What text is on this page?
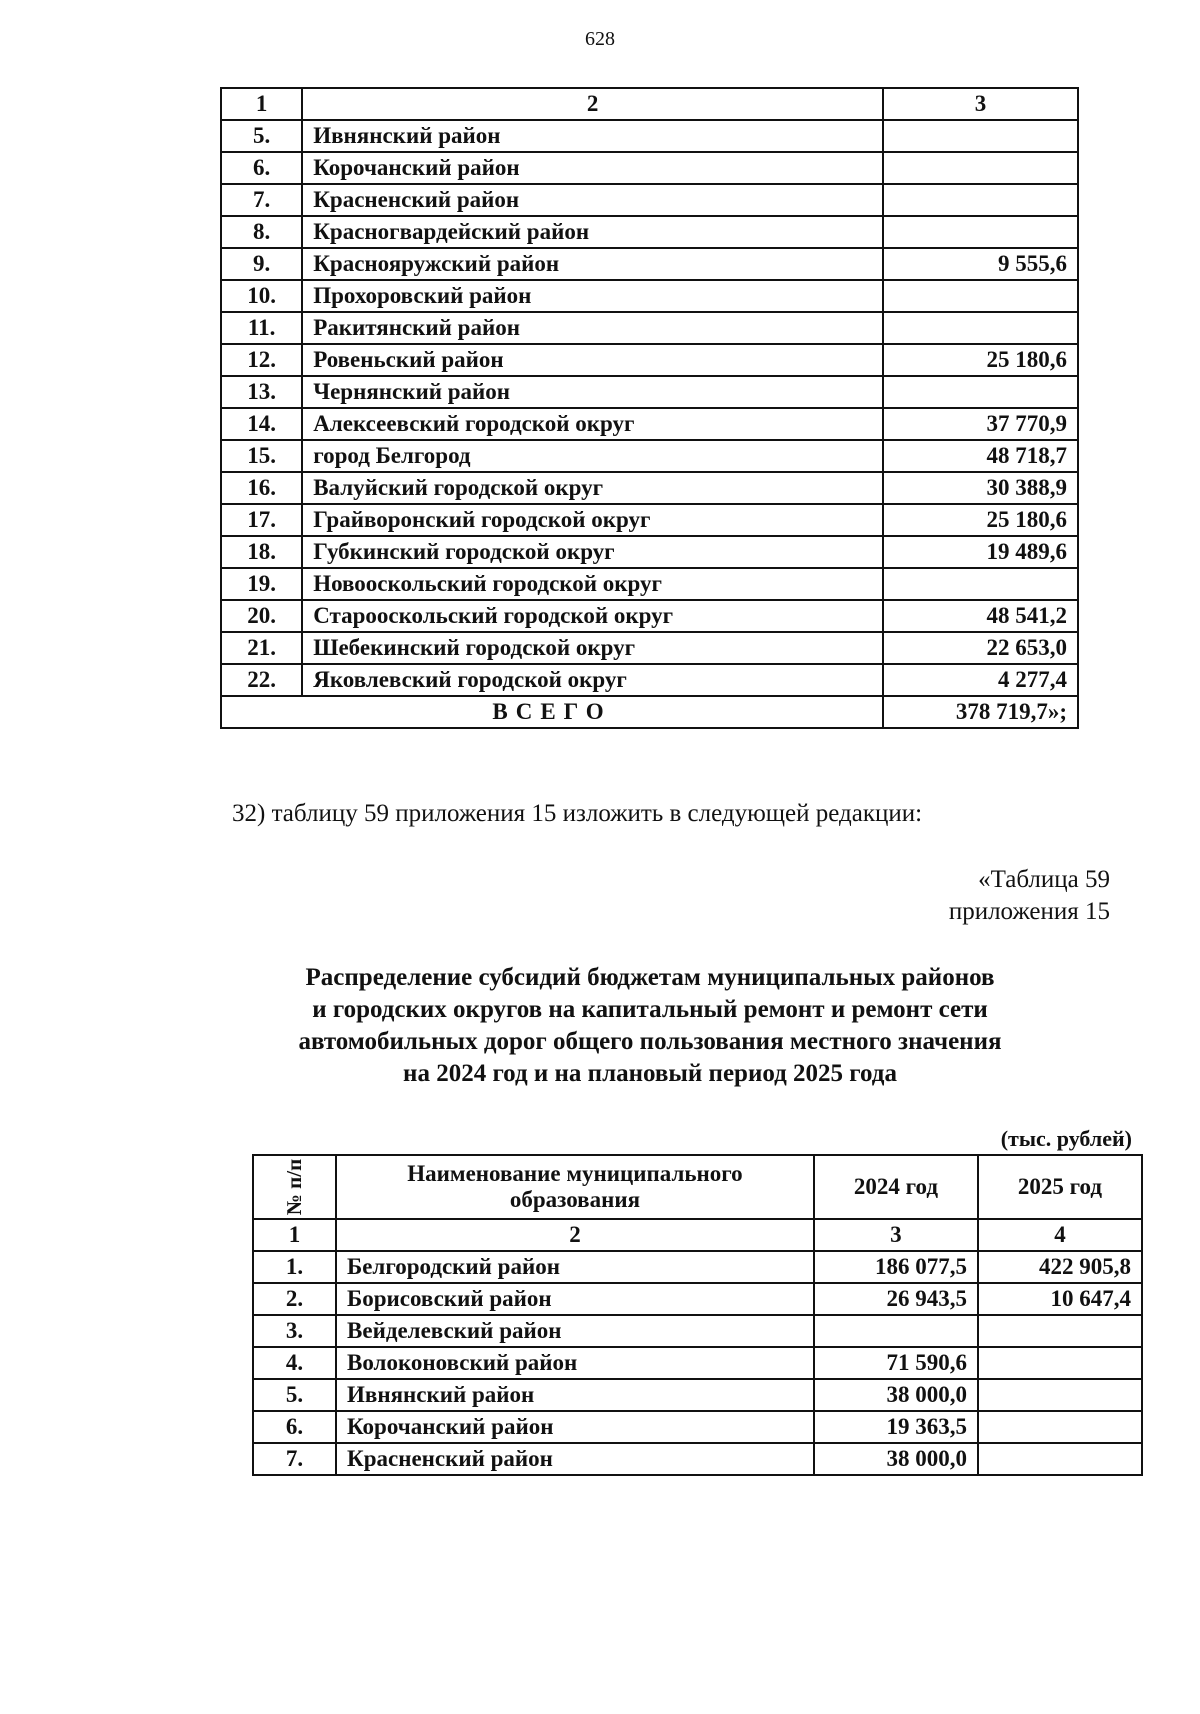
628
1	2	3
5.	Ивнянский район	
6.	Корочанский район	
7.	Красненский район	
8.	Красногвардейский район	
9.	Краснояружский район	9 555,6
10.	Прохоровский район	
11.	Ракитянский район	
12.	Ровеньский район	25 180,6
13.	Чернянский район	
14.	Алексеевский городской округ	37 770,9
15.	город Белгород	48 718,7
16.	Валуйский городской округ	30 388,9
17.	Грайворонский городской округ	25 180,6
18.	Губкинский городской округ	19 489,6
19.	Новооскольский городской округ	
20.	Старооскольский городской округ	48 541,2
21.	Шебекинский городской округ	22 653,0
22.	Яковлевский городской округ	4 277,4
ВСЕГО		378 719,7»;
32) таблицу 59 приложения 15 изложить в следующей редакции:
«Таблица 59
приложения 15
Распределение субсидий бюджетам муниципальных районов
и городских округов на капитальный ремонт и ремонт сети
автомобильных дорог общего пользования местного значения
на 2024 год и на плановый период 2025 года
(тыс. рублей)
№ п/п	Наименование муниципального образования	2024 год	2025 год
1	2	3	4
1.	Белгородский район	186 077,5	422 905,8
2.	Борисовский район	26 943,5	10 647,4
3.	Вейделевский район		
4.	Волоконовский район	71 590,6	
5.	Ивнянский район	38 000,0	
6.	Корочанский район	19 363,5	
7.	Красненский район	38 000,0	
